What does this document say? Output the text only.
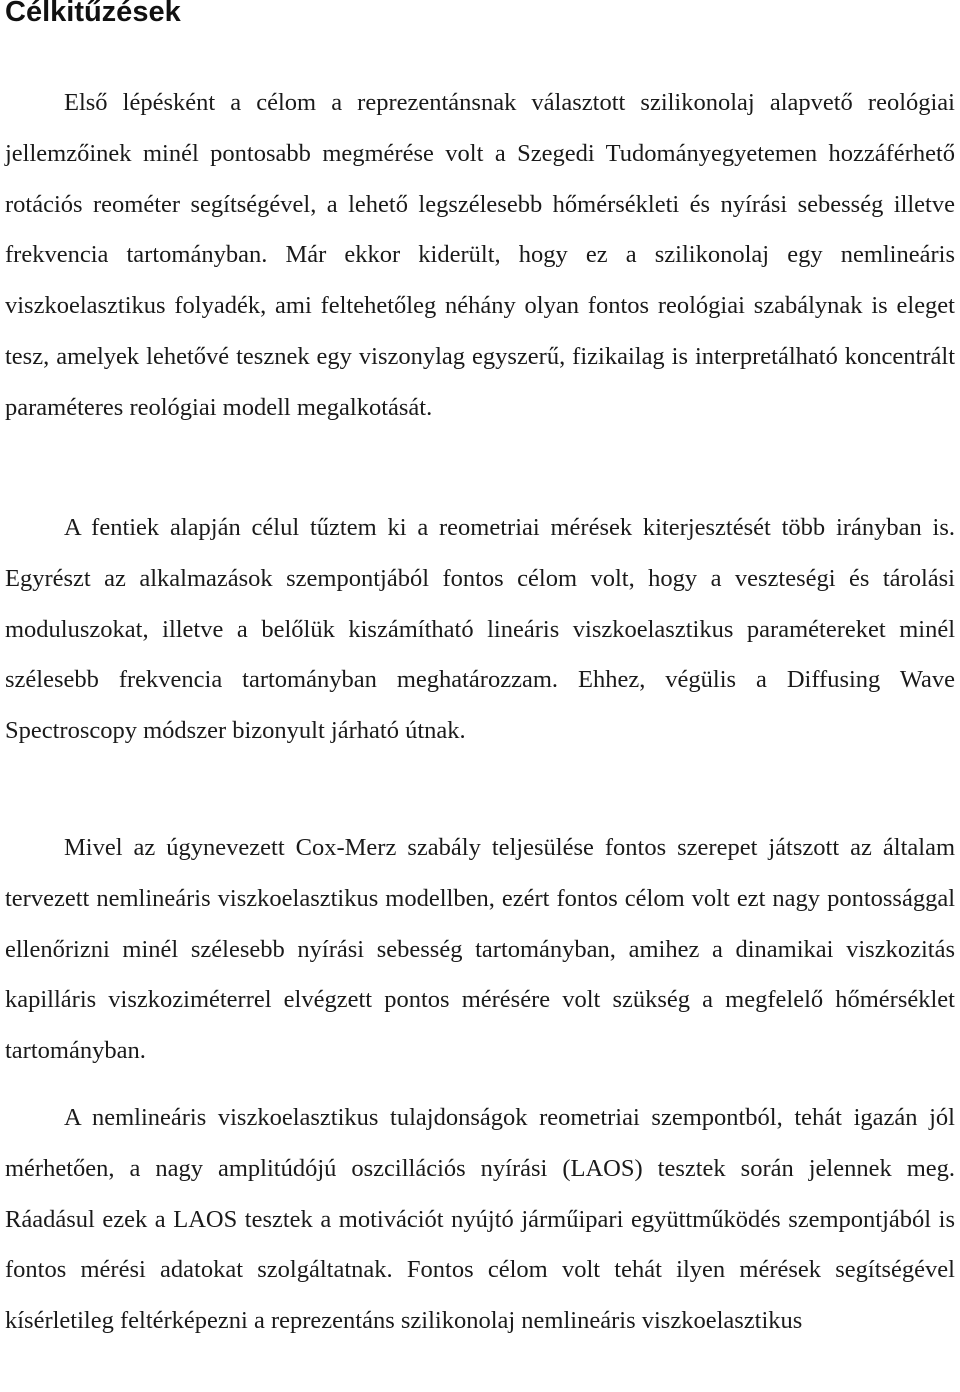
Célkitűzések

Első lépésként a célom a reprezentánsnak választott szilikonolaj alapvető reológiai jellemzőinek minél pontosabb megmérése volt a Szegedi Tudományegyetemen hozzáférhető rotációs reométer segítségével, a lehető legszélesebb hőmérsékleti és nyírási sebesség illetve frekvencia tartományban. Már ekkor kiderült, hogy ez a szilikonolaj egy nemlineáris viszkoelasztikus folyadék, ami feltehetőleg néhány olyan fontos reológiai szabálynak is eleget tesz, amelyek lehetővé tesznek egy viszonylag egyszerű, fizikailag is interpretálható koncentrált paraméteres reológiai modell megalkotását.

A fentiek alapján célul tűztem ki a reometriai mérések kiterjesztését több irányban is. Egyrészt az alkalmazások szempontjából fontos célom volt, hogy a veszteségi és tárolási moduluszokat, illetve a belőlük kiszámítható lineáris viszkoelasztikus paramétereket minél szélesebb frekvencia tartományban meghatározzam. Ehhez, végülis a Diffusing Wave Spectroscopy módszer bizonyult járható útnak.

Mivel az úgynevezett Cox-Merz szabály teljesülése fontos szerepet játszott az általam tervezett nemlineáris viszkoelasztikus modellben, ezért fontos célom volt ezt nagy pontossággal ellenőrizni minél szélesebb nyírási sebesség tartományban, amihez a dinamikai viszkozitás kapilláris viszkoziméterrel elvégzett pontos mérésére volt szükség a megfelelő hőmérséklet tartományban.

A nemlineáris viszkoelasztikus tulajdonságok reometriai szempontból, tehát igazán jól mérhetően, a nagy amplitúdójú oszcillációs nyírási (LAOS) tesztek során jelennek meg. Ráadásul ezek a LAOS tesztek a motivációt nyújtó járműipari együttműködés szempontjából is fontos mérési adatokat szolgáltatnak. Fontos célom volt tehát ilyen mérések segítségével kísérletileg feltérképezni a reprezentáns szilikonolaj nemlineáris viszkoelasztikus
